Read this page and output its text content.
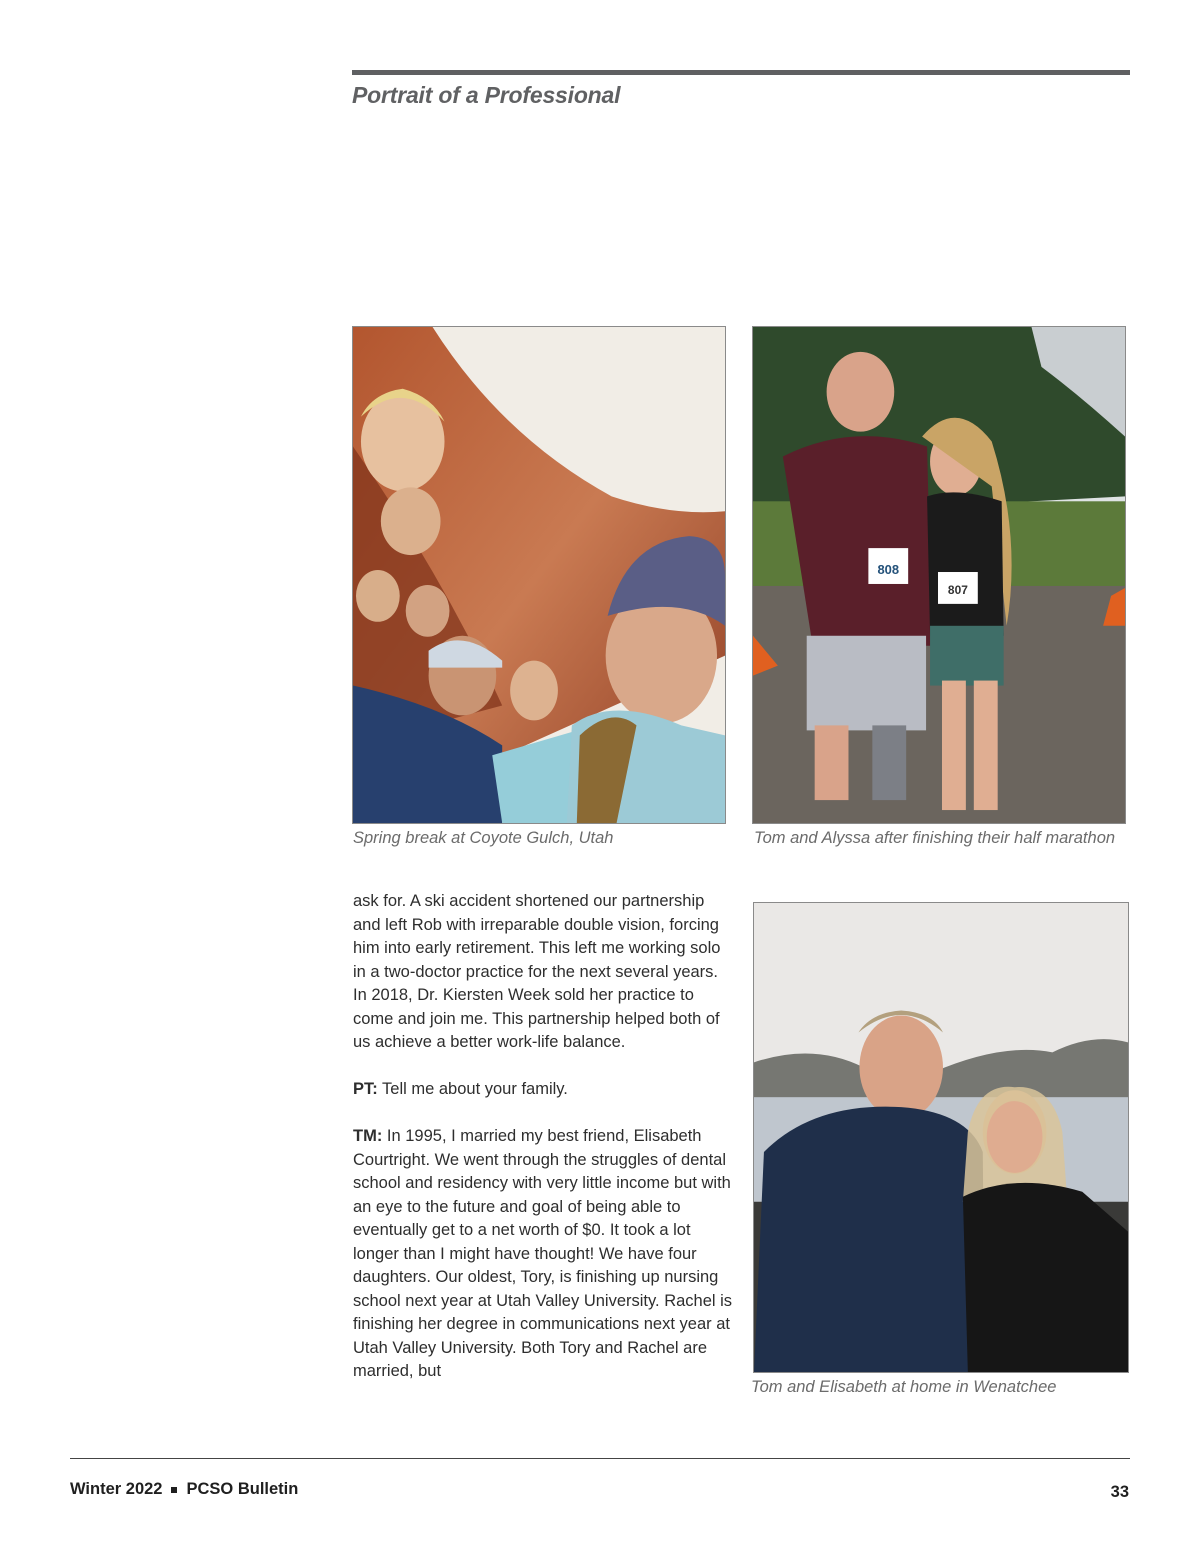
Portrait of a Professional
Spring break at Coyote Gulch, Utah
808
807
Tom and Alyssa after finishing their half marathon

ask for. A ski accident shortened our partnership and left Rob with irreparable double vision, forcing him into early retirement. This left me working solo in a two-doctor practice for the next several years. In 2018, Dr. Kiersten Week sold her practice to come and join me. This partnership helped both of us achieve a better work-life balance.

PT: Tell me about your family.

TM: In 1995, I married my best friend, Elisabeth Courtright. We went through the struggles of dental school and residency with very little income but with an eye to the future and goal of being able to eventually get to a net worth of $0. It took a lot longer than I might have thought! We have four daughters. Our oldest, Tory, is finishing up nursing school next year at Utah Valley University. Rachel is finishing her degree in communications next year at Utah Valley University. Both Tory and Rachel are married, but

Tom and Elisabeth at home in Wenatchee
Winter 2022 PCSO Bulletin	33
